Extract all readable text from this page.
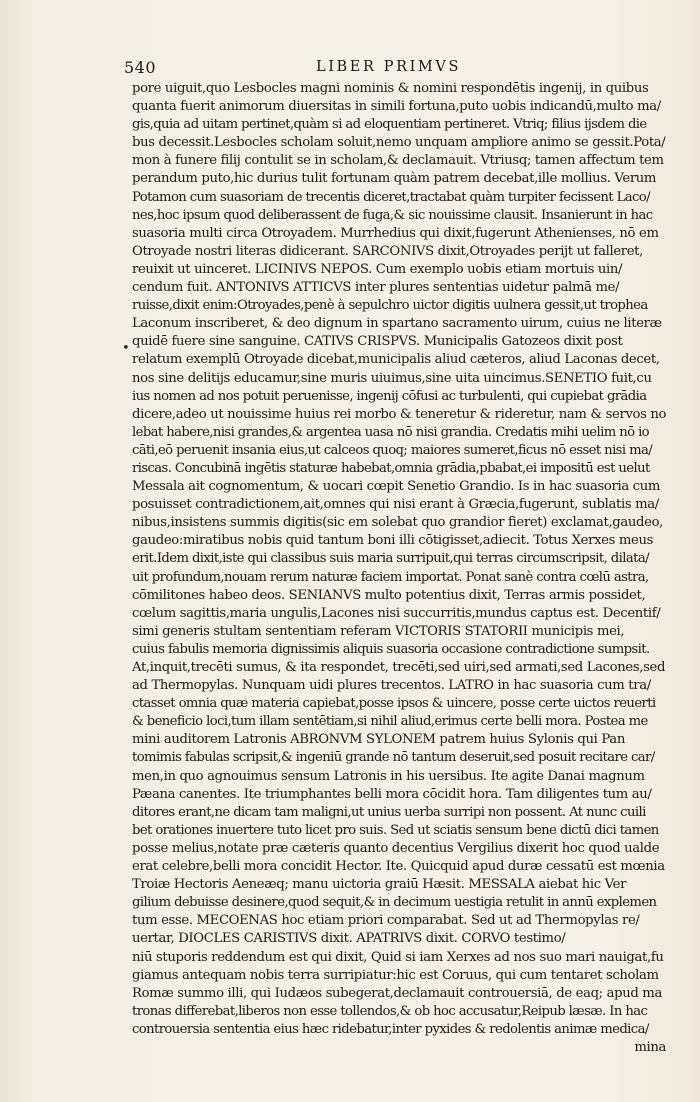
540	LIBER PRIMVS
•
pore uiguit,quo Lesbocles magni nominis & nomini respondētis ingenij, in quibus
quanta fuerit animorum diuersitas in simili fortuna,puto uobis indicandū,multo ma/
gis,quia ad uitam pertinet,quàm si ad eloquentiam pertineret. Vtriq; filius ijsdem die
bus decessit.Lesbocles scholam soluit,nemo unquam ampliore animo se gessit.Pota/
mon à funere filij contulit se in scholam,& declamauit. Vtriusq; tamen affectum tem
perandum puto,hic durius tulit fortunam quàm patrem decebat,ille mollius. Verum
Potamon cum suasoriam de trecentis diceret,tractabat quàm turpiter fecissent Laco/
nes,hoc ipsum quod deliberassent de fuga,& sic nouissime clausit. Insanierunt in hac
suasoria multi circa Otroyadem. Murrhedius qui dixit,fugerunt Athenienses, nō em
Otroyade nostri literas didicerant. SARCONIVS dixit,Otroyades perijt ut falleret,
reuixit ut uinceret. LICINIVS NEPOS. Cum exemplo uobis etiam mortuis uin/
cendum fuit. ANTONIVS ATTICVS inter plures sententias uidetur palmā me/
ruisse,dixit enim:Otroyades,penè à sepulchro uictor digitis uulnera gessit,ut trophea
Laconum inscriberet, & deo dignum in spartano sacramento uirum, cuius ne literæ
quidē fuere sine sanguine. CATIVS CRISPVS. Municipalis Gatozeos dixit post
relatum exemplū Otroyade dicebat,municipalis aliud cæteros, aliud Laconas decet,
nos sine delitijs educamur,sine muris uiuimus,sine uita uincimus.SENETIO fuit,cu
ius nomen ad nos potuit peruenisse, ingenij cōfusi ac turbulenti, qui cupiebat grādia
dicere,adeo ut nouissime huius rei morbo & teneretur & rideretur, nam & servos no
lebat habere,nisi grandes,& argentea uasa nō nisi grandia. Credatis mihi uelim nō io
cāti,eō peruenit insania eius,ut calceos quoq; maiores sumeret,ficus nō esset nisi ma/
riscas. Concubinā ingētis staturæ habebat,omnia grādia,pbabat,ei impositū est uelut
Messala ait cognomentum, & uocari cœpit Senetio Grandio. Is in hac suasoria cum
posuisset contradictionem,ait,omnes qui nisi erant à Græcia,fugerunt, sublatis ma/
nibus,insistens summis digitis(sic em solebat quo grandior fieret) exclamat,gaudeo,
gaudeo:miratibus nobis quid tantum boni illi cōtigisset,adiecit. Totus Xerxes meus
erit.Idem dixit,iste qui classibus suis maria surripuit,qui terras circumscripsit, dilata/
uit profundum,nouam rerum naturæ faciem importat. Ponat sanè contra cœlū astra,
cōmilitones habeo deos. SENIANVS multo potentius dixit, Terras armis possidet,
cœlum sagittis,maria ungulis,Lacones nisi succurritis,mundus captus est. Decentif/
simi generis stultam sententiam referam VICTORIS STATORII municipis mei,
cuius fabulis memoria dignissimis aliquis suasoria occasione contradictione sumpsit.
At,inquit,trecēti sumus, & ita respondet, trecēti,sed uiri,sed armati,sed Lacones,sed
ad Thermopylas. Nunquam uidi plures trecentos. LATRO in hac suasoria cum tra/
ctasset omnia quæ materia capiebat,posse ipsos & uincere, posse certe uictos reuerti
& beneficio loci,tum illam sentētiam,si nihil aliud,erimus certe belli mora. Postea me
mini auditorem Latronis ABRONVM SYLONEM patrem huius Sylonis qui Pan
tomimis fabulas scripsit,& ingeniū grande nō tantum deseruit,sed posuit recitare car/
men,in quo agnouimus sensum Latronis in his uersibus. Ite agite Danai magnum
Pæana canentes. Ite triumphantes belli mora cōcidit hora. Tam diligentes tum au/
ditores erant,ne dicam tam maligni,ut unius uerba surripi non possent. At nunc cuili
bet orationes inuertere tuto licet pro suis. Sed ut sciatis sensum bene dictū dici tamen
posse melius,notate præ cæteris quanto decentius Vergilius dixerit hoc quod ualde
erat celebre,belli mora concidit Hector. Ite. Quicquid apud duræ cessatū est mœnia
Troiæ Hectoris Aeneæq; manu uictoria graiū Hæsit. MESSALA aiebat hic Ver
gilium debuisse desinere,quod sequit,& in decimum uestigia retulit in annū explemen
tum esse. MECOENAS hoc etiam priori comparabat. Sed ut ad Thermopylas re/
uertar, DIOCLES CARISTIVS dixit. APATRIVS dixit. CORVO testimo/
niū stuporis reddendum est qui dixit, Quid si iam Xerxes ad nos suo mari nauigat,fu
giamus antequam nobis terra surripiatur:hic est Coruus, qui cum tentaret scholam
Romæ summo illi, qui Iudæos subegerat,declamauit controuersiā, de eaq; apud ma
tronas differebat,liberos non esse tollendos,& ob hoc accusatur,Reipub læsæ. In hac
controuersia sententia eius hæc ridebatur,inter pyxides & redolentis animæ medica/
mina
